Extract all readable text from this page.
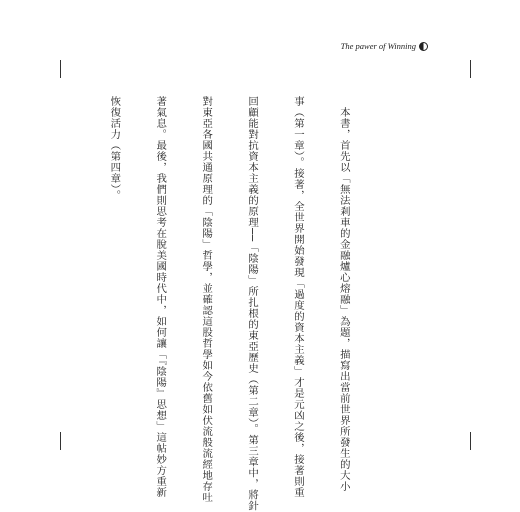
The pawer of Winning

　本書，首先以「無法剎車的金融爐心熔融」為題，描寫出當前世界所發生的大小

事（第一章）。接著，全世界開始發現「過度的資本主義」才是元凶之後，接著則重

回顧能對抗資本主義的原理──「陰陽」所扎根的東亞歷史（第二章）。第三章中，將針

對東亞各國共通原理的「陰陽」哲學，並確認這股哲學如今依舊如伏流般流經地存吐

著氣息。最後，我們則思考在脫美國時代中，如何讓「『陰陽』思想」這帖妙方重新

恢復活力（第四章）。
